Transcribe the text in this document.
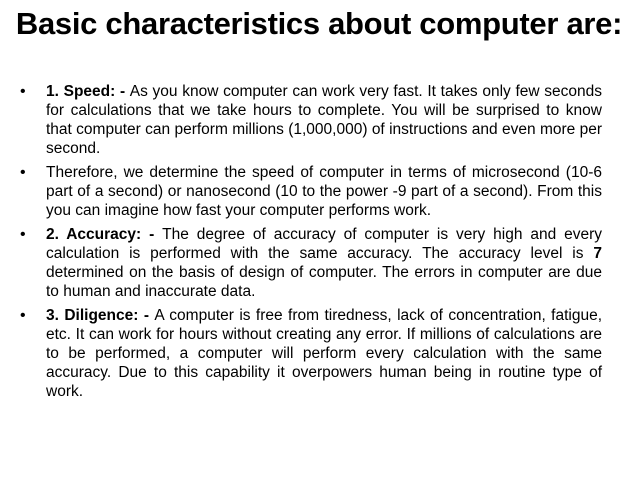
Basic characteristics about computer are:
• 1. Speed: - As you know computer can work very fast. It takes only few seconds for calculations that we take hours to complete. You will be surprised to know that computer can perform millions (1,000,000) of instructions and even more per second.
• Therefore, we determine the speed of computer in terms of microsecond (10-6 part of a second) or nanosecond (10 to the power -9 part of a second). From this you can imagine how fast your computer performs work.
• 2. Accuracy: - The degree of accuracy of computer is very high and every calculation is performed with the same accuracy. The accuracy level is 7 determined on the basis of design of computer. The errors in computer are due to human and inaccurate data.
• 3. Diligence: - A computer is free from tiredness, lack of concentration, fatigue, etc. It can work for hours without creating any error. If millions of calculations are to be performed, a computer will perform every calculation with the same accuracy. Due to this capability it overpowers human being in routine type of work.
